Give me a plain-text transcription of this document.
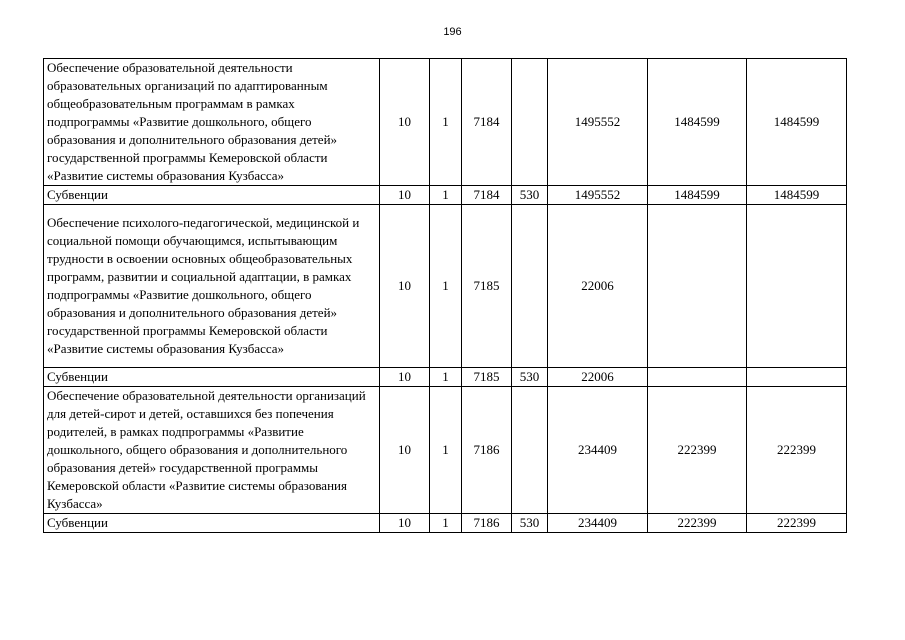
196
Обеспечение образовательной деятельности образовательных организаций по адаптированным общеобразовательным программам в рамках подпрограммы «Развитие дошкольного, общего образования и дополнительного образования детей» государственной программы Кемеровской области «Развитие системы образования Кузбасса»	10	1	7184		1495552	1484599	1484599
Субвенции	10	1	7184	530	1495552	1484599	1484599
Обеспечение психолого-педагогической, медицинской и социальной помощи обучающимся, испытывающим трудности в освоении основных общеобразовательных программ, развитии и социальной адаптации, в рамках подпрограммы «Развитие дошкольного, общего образования и дополнительного образования детей» государственной программы Кемеровской области «Развитие системы образования Кузбасса»	10	1	7185		22006		
Субвенции	10	1	7185	530	22006		
Обеспечение образовательной деятельности организаций для детей-сирот и детей, оставшихся без попечения родителей, в рамках подпрограммы «Развитие дошкольного, общего образования и дополнительного образования детей» государственной программы Кемеровской области «Развитие системы образования Кузбасса»	10	1	7186		234409	222399	222399
Субвенции	10	1	7186	530	234409	222399	222399
